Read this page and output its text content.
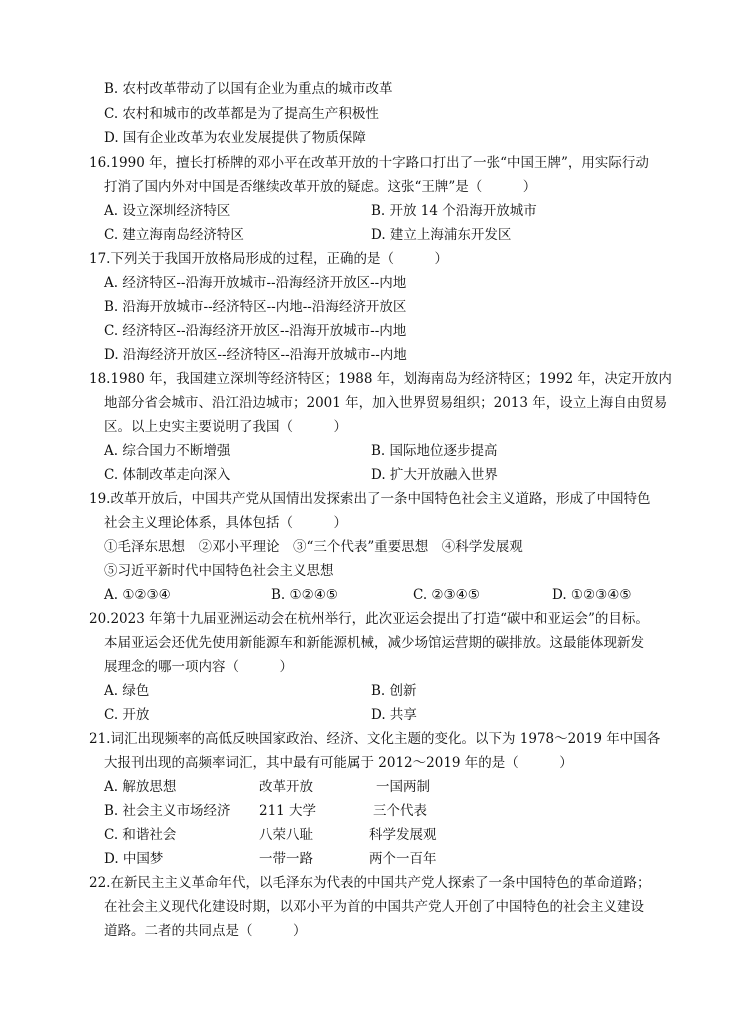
B. 农村改革带动了以国有企业为重点的城市改革
C. 农村和城市的改革都是为了提高生产积极性
D. 国有企业改革为农业发展提供了物质保障
16.1990 年，擅长打桥牌的邓小平在改革开放的十字路口打出了一张“中国王牌”，用实际行动
打消了国内外对中国是否继续改革开放的疑虑。这张“王牌”是（　　　）
A. 设立深圳经济特区	B. 开放 14 个沿海开放城市
C. 建立海南岛经济特区	D. 建立上海浦东开发区
17.下列关于我国开放格局形成的过程，正确的是（　　　）
A. 经济特区--沿海开放城市--沿海经济开放区--内地
B. 沿海开放城市--经济特区--内地--沿海经济开放区
C. 经济特区--沿海经济开放区--沿海开放城市--内地
D. 沿海经济开放区--经济特区--沿海开放城市--内地
18.1980 年，我国建立深圳等经济特区；1988 年，划海南岛为经济特区；1992 年，决定开放内
地部分省会城市、沿江沿边城市；2001 年，加入世界贸易组织；2013 年，设立上海自由贸易
区。以上史实主要说明了我国（　　　）
A. 综合国力不断增强	B. 国际地位逐步提高
C. 体制改革走向深入	D. 扩大开放融入世界
19.改革开放后，中国共产党从国情出发探索出了一条中国特色社会主义道路，形成了中国特色
社会主义理论体系，具体包括（　　　）
①毛泽东思想　②邓小平理论　③“三个代表”重要思想　④科学发展观
⑤习近平新时代中国特色社会主义思想
A. ①②③④	B. ①②④⑤	C. ②③④⑤	D. ①②③④⑤
20.2023 年第十九届亚洲运动会在杭州举行，此次亚运会提出了打造“碳中和亚运会”的目标。
本届亚运会还优先使用新能源车和新能源机械，减少场馆运营期的碳排放。这最能体现新发
展理念的哪一项内容（　　　）
A. 绿色	B. 创新
C. 开放	D. 共享
21.词汇出现频率的高低反映国家政治、经济、文化主题的变化。以下为 1978～2019 年中国各
大报刊出现的高频率词汇，其中最有可能属于 2012～2019 年的是（　　　）
A. 解放思想	改革开放	一国两制
B. 社会主义市场经济 211 大学	三个代表
C. 和谐社会	八荣八耻	科学发展观
D. 中国梦	一带一路	两个一百年
22.在新民主主义革命年代，以毛泽东为代表的中国共产党人探索了一条中国特色的革命道路；
在社会主义现代化建设时期，以邓小平为首的中国共产党人开创了中国特色的社会主义建设
道路。二者的共同点是（　　　）
